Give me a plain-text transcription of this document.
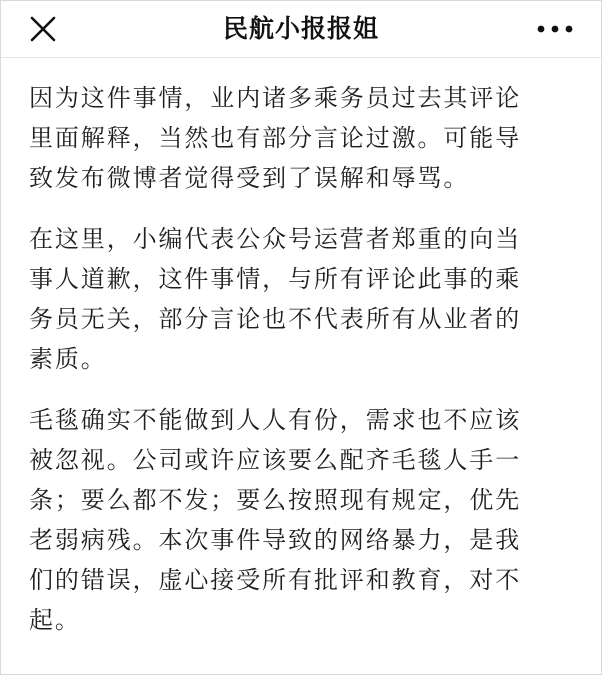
民航小报报姐

因为这件事情，业内诸多乘务员过去其评论
里面解释，当然也有部分言论过激。可能导
致发布微博者觉得受到了误解和辱骂。

在这里，小编代表公众号运营者郑重的向当
事人道歉，这件事情，与所有评论此事的乘
务员无关，部分言论也不代表所有从业者的
素质。

毛毯确实不能做到人人有份，需求也不应该
被忽视。公司或许应该要么配齐毛毯人手一
条；要么都不发；要么按照现有规定，优先
老弱病残。本次事件导致的网络暴力，是我
们的错误，虚心接受所有批评和教育，对不
起。
